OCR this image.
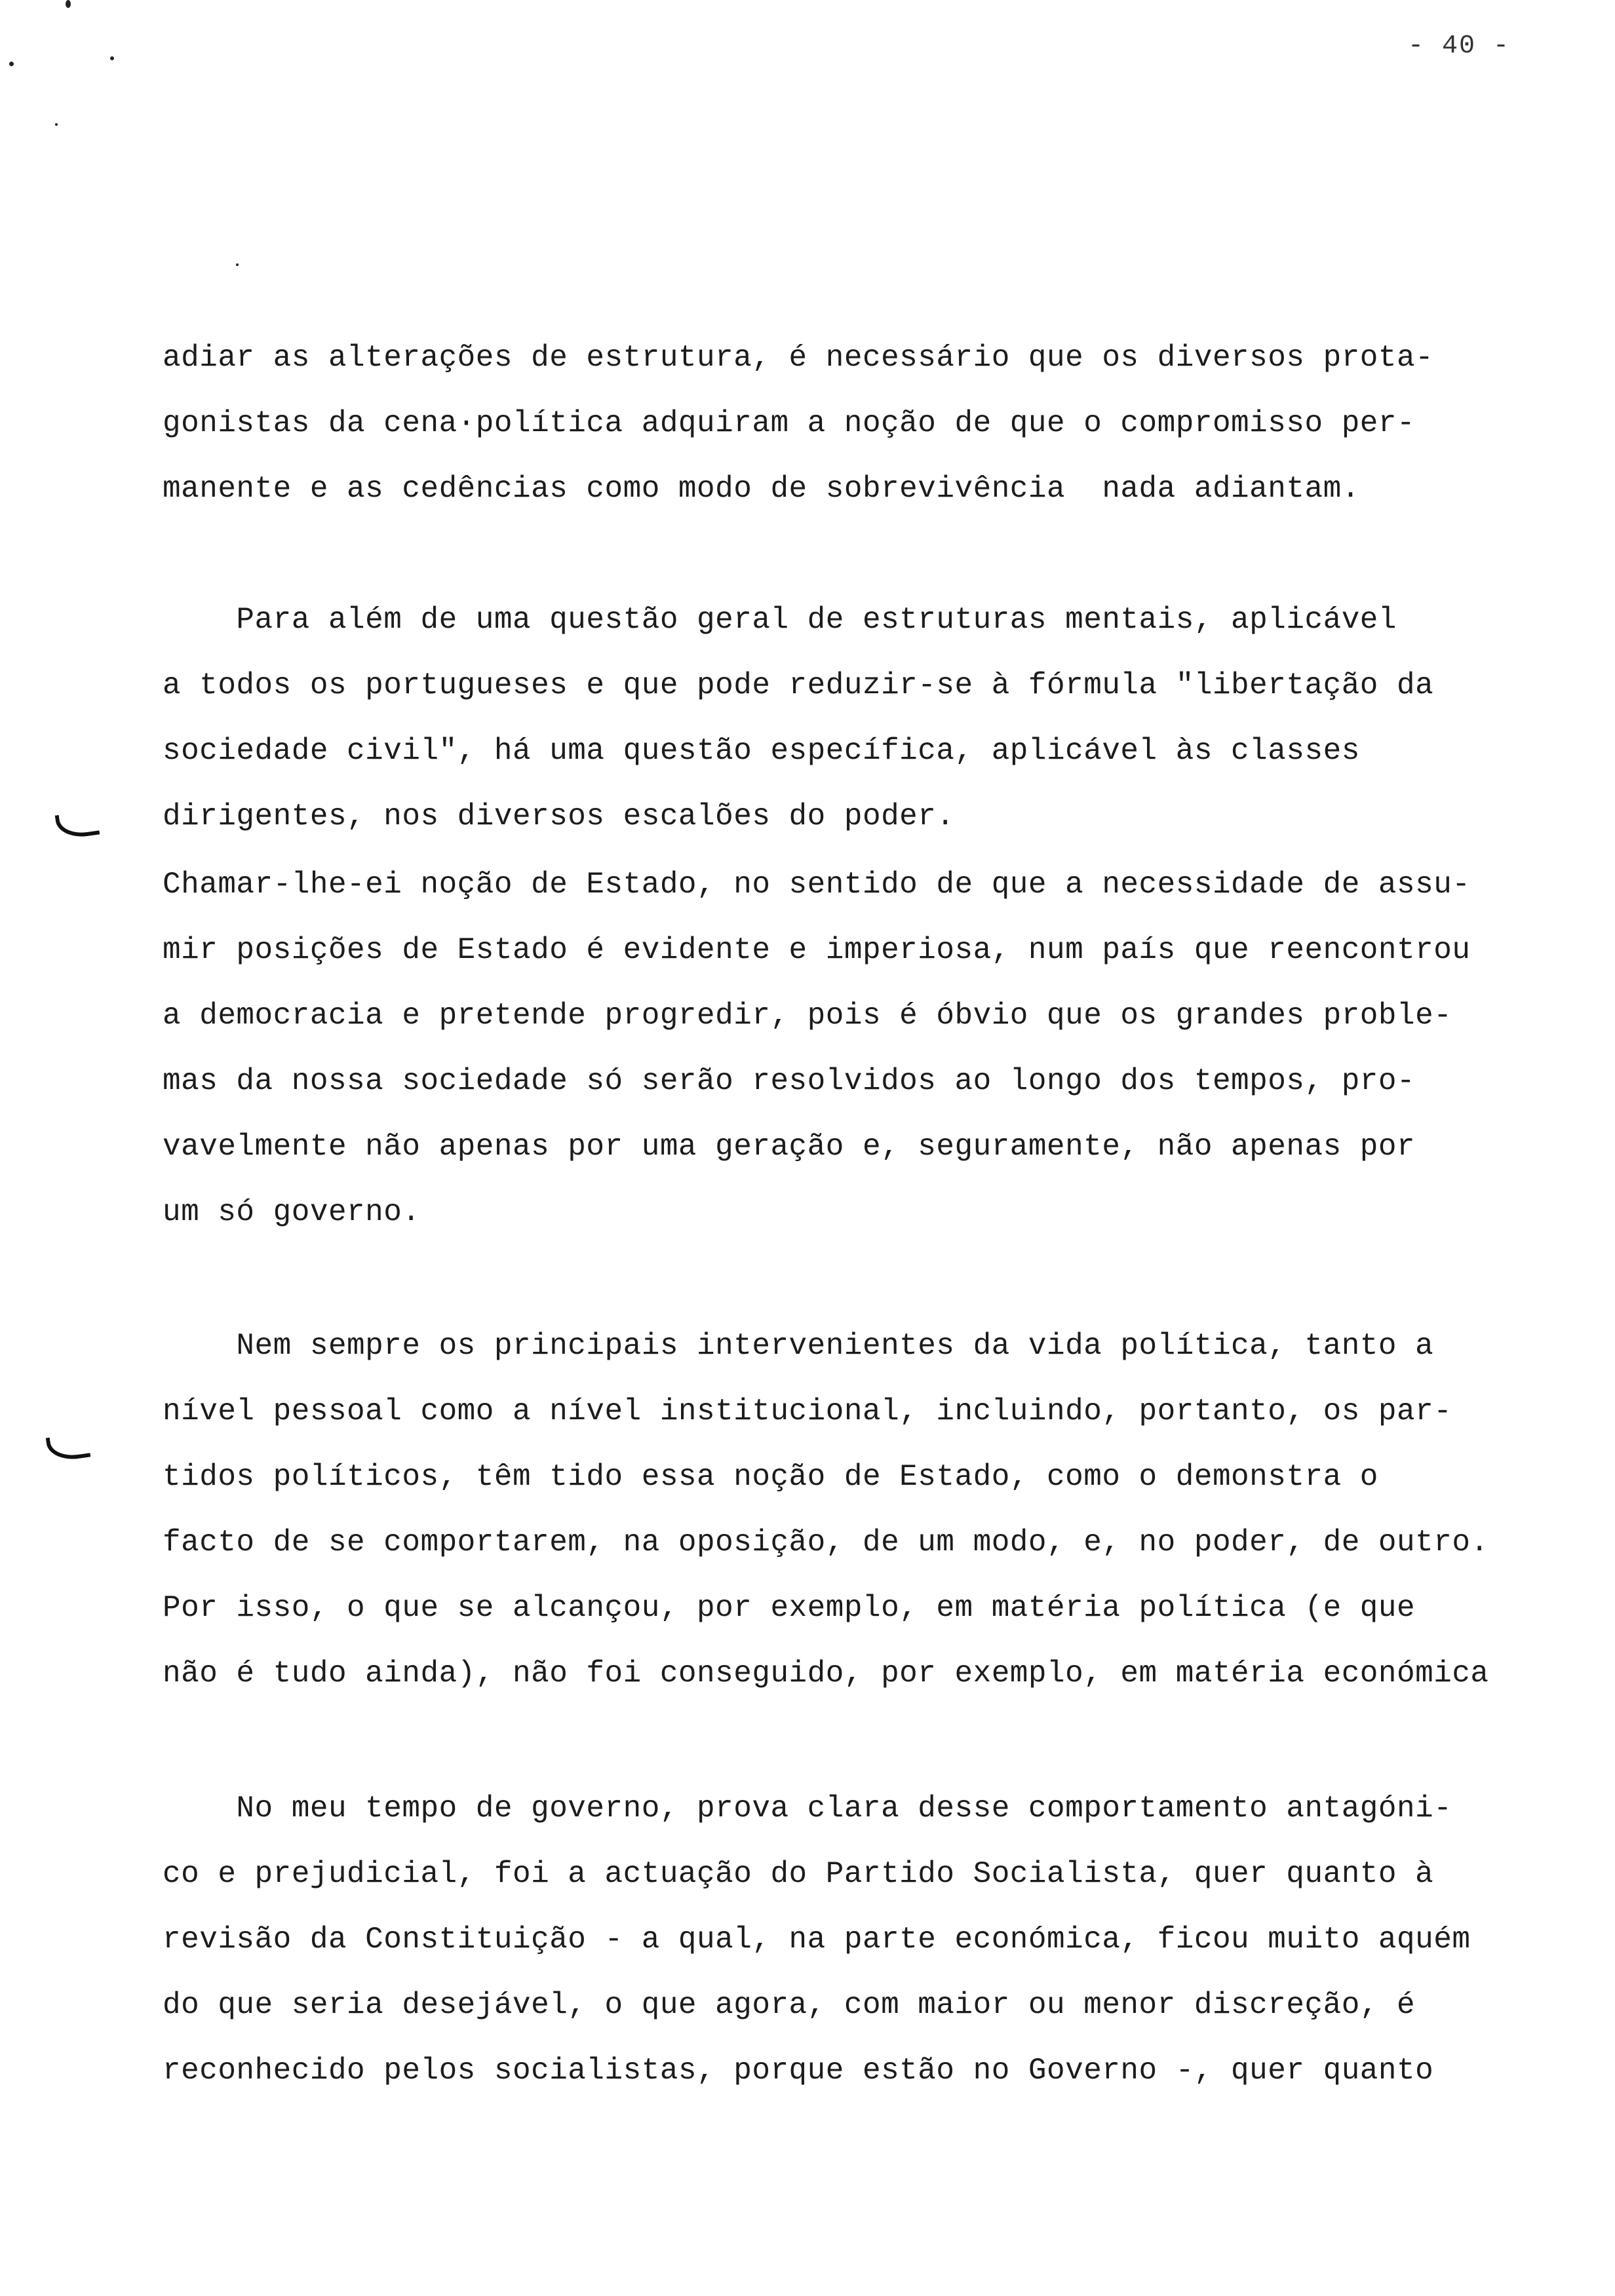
- 40 -
adiar as alterações de estrutura, é necessário que os diversos prota-
gonistas da cena·política adquiram a noção de que o compromisso per-
manente e as cedências como modo de sobrevivência  nada adiantam.
Para além de uma questão geral de estruturas mentais, aplicável
a todos os portugueses e que pode reduzir-se à fórmula "libertação da
sociedade civil", há uma questão específica, aplicável às classes
dirigentes, nos diversos escalões do poder.
Chamar-lhe-ei noção de Estado, no sentido de que a necessidade de assu-
mir posições de Estado é evidente e imperiosa, num país que reencontrou
a democracia e pretende progredir, pois é óbvio que os grandes proble-
mas da nossa sociedade só serão resolvidos ao longo dos tempos, pro-
vavelmente não apenas por uma geração e, seguramente, não apenas por
um só governo.
Nem sempre os principais intervenientes da vida política, tanto a
nível pessoal como a nível institucional, incluindo, portanto, os par-
tidos políticos, têm tido essa noção de Estado, como o demonstra o
facto de se comportarem, na oposição, de um modo, e, no poder, de outro.
Por isso, o que se alcançou, por exemplo, em matéria política (e que
não é tudo ainda), não foi conseguido, por exemplo, em matéria económica
No meu tempo de governo, prova clara desse comportamento antagóni-
co e prejudicial, foi a actuação do Partido Socialista, quer quanto à
revisão da Constituição - a qual, na parte económica, ficou muito aquém
do que seria desejável, o que agora, com maior ou menor discreção, é
reconhecido pelos socialistas, porque estão no Governo -, quer quanto
